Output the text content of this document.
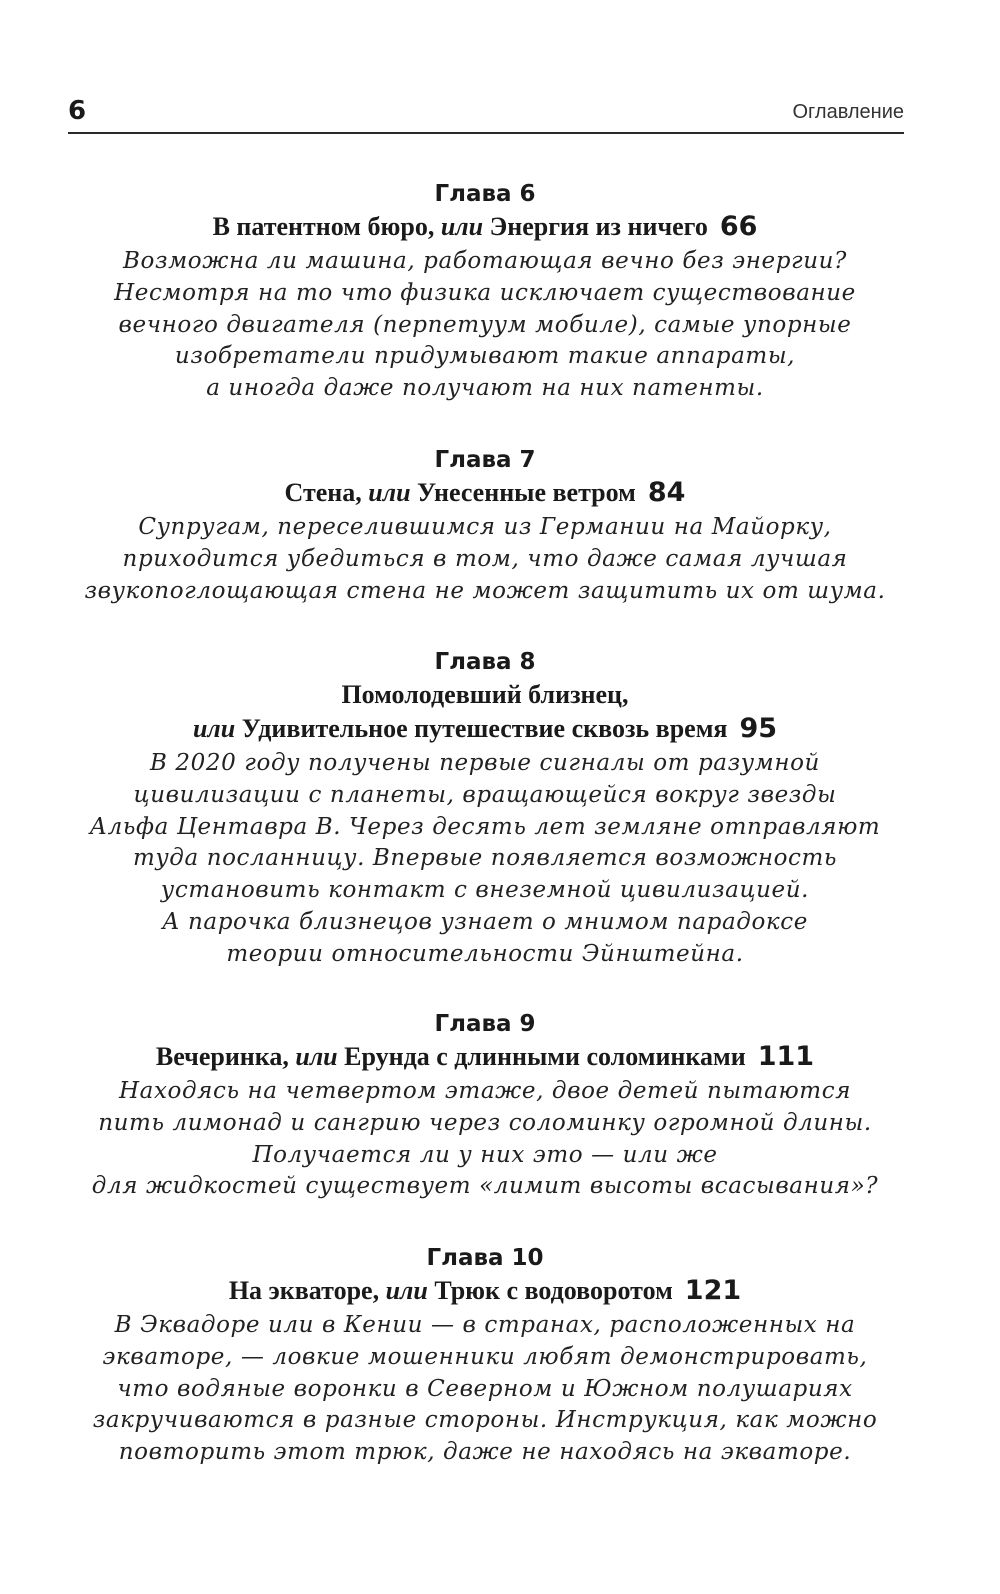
6	Оглавление
Глава 6
В патентном бюро, или Энергия из ничего 66
Возможна ли машина, работающая вечно без энергии?
Несмотря на то что физика исключает существование
вечного двигателя (перпетуум мобиле), самые упорные
изобретатели придумывают такие аппараты,
а иногда даже получают на них патенты.
Глава 7
Стена, или Унесенные ветром 84
Супругам, переселившимся из Германии на Майорку,
приходится убедиться в том, что даже самая лучшая
звукопоглощающая стена не может защитить их от шума.
Глава 8
Помолодевший близнец,
или Удивительное путешествие сквозь время 95
В 2020 году получены первые сигналы от разумной
цивилизации с планеты, вращающейся вокруг звезды
Альфа Центавра В. Через десять лет земляне отправляют
туда посланницу. Впервые появляется возможность
установить контакт с внеземной цивилизацией.
А парочка близнецов узнает о мнимом парадоксе
теории относительности Эйнштейна.
Глава 9
Вечеринка, или Ерунда с длинными соломинками 111
Находясь на четвертом этаже, двое детей пытаются
пить лимонад и сангрию через соломинку огромной длины.
Получается ли у них это — или же
для жидкостей существует «лимит высоты всасывания»?
Глава 10
На экваторе, или Трюк с водоворотом 121
В Эквадоре или в Кении — в странах, расположенных на
экваторе, — ловкие мошенники любят демонстрировать,
что водяные воронки в Северном и Южном полушариях
закручиваются в разные стороны. Инструкция, как можно
повторить этот трюк, даже не находясь на экваторе.
